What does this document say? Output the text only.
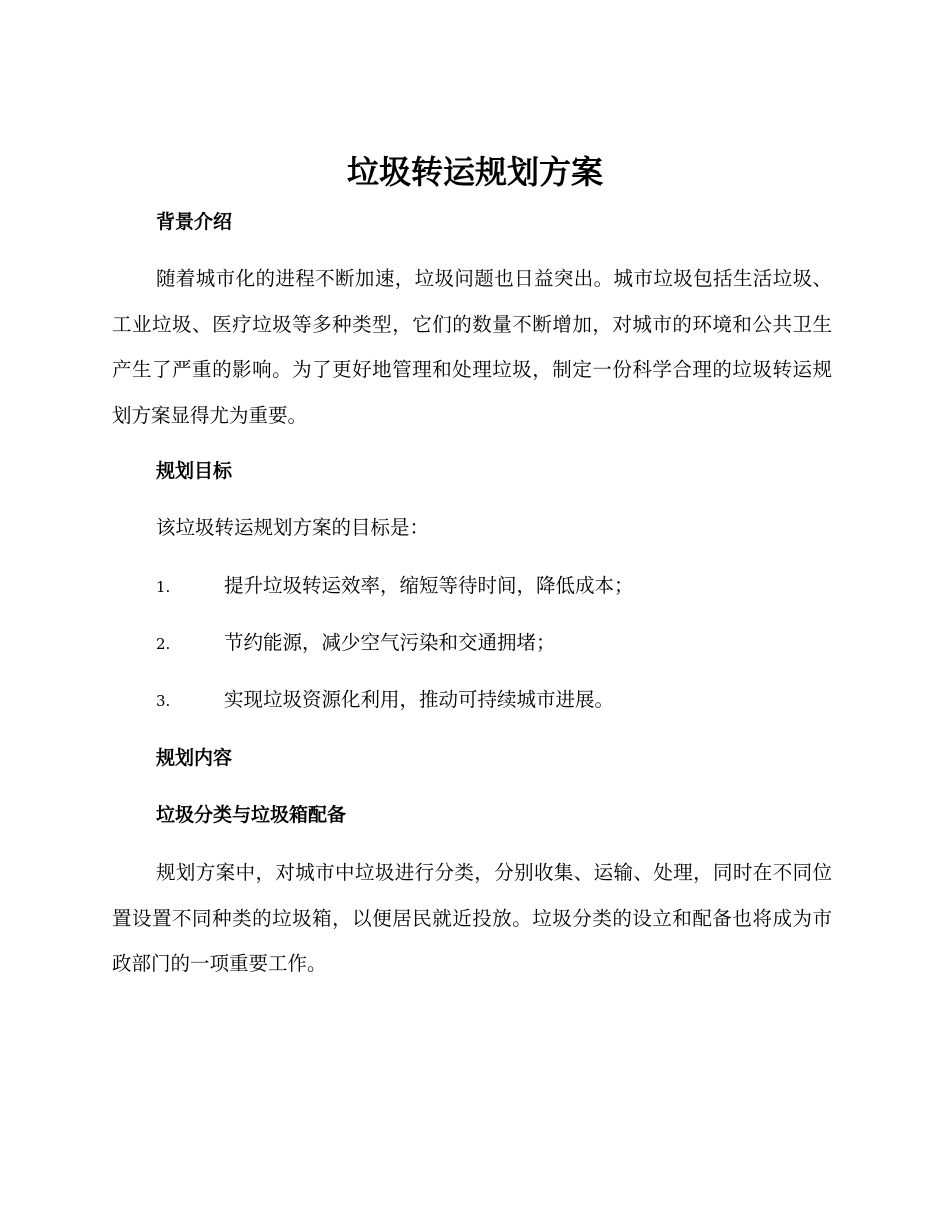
垃圾转运规划方案
背景介绍
随着城市化的进程不断加速，垃圾问题也日益突出。城市垃圾包括生活垃圾、工业垃圾、医疗垃圾等多种类型，它们的数量不断增加，对城市的环境和公共卫生产生了严重的影响。为了更好地管理和处理垃圾，制定一份科学合理的垃圾转运规划方案显得尤为重要。
规划目标
该垃圾转运规划方案的目标是：
1.	提升垃圾转运效率，缩短等待时间，降低成本；
2.	节约能源，减少空气污染和交通拥堵；
3.	实现垃圾资源化利用，推动可持续城市进展。
规划内容
垃圾分类与垃圾箱配备
规划方案中，对城市中垃圾进行分类，分别收集、运输、处理，同时在不同位置设置不同种类的垃圾箱，以便居民就近投放。垃圾分类的设立和配备也将成为市政部门的一项重要工作。
